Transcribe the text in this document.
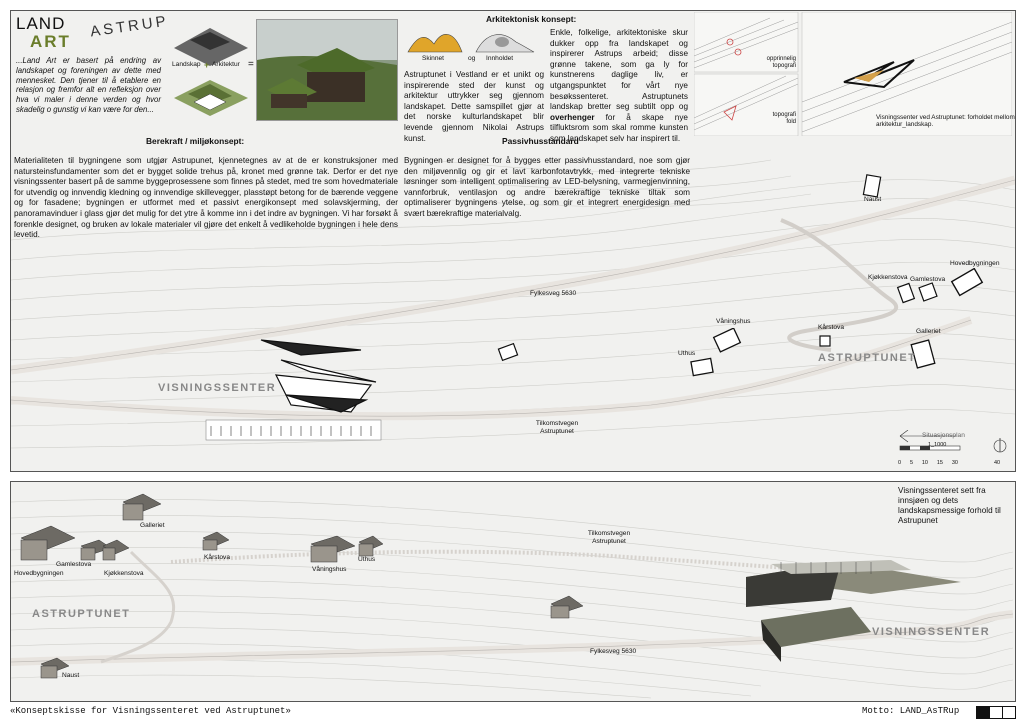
LAND
ART
ASTRUP

...Land Art er basert på endring av landskapet og foreningen av dette med mennesket. Den tjener til å etablere en relasjon og fremfor alt en refleksjon over hva vi maler i denne verden og hvor skadelig o gunstig vi kan være for den...

Landskap + Arkitektur =
Arkitektonisk konsept:
Skinnet	og Innholdet

Astruptunet i Vestland er et unikt og inspirerende sted der kunst og arkitektur uttrykker seg gjennom landskapet. Dette samspillet gjør at det norske kulturlandskapet blir levende gjennom Nikolai Astrups kunst.

Enkle, folkelige, arkitektoniske skur dukker opp fra landskapet og inspirerer Astrups arbeid; disse grønne takene, som ga ly for kunstnerens daglige liv, er utgangspunktet for vårt nye besøkssenteret. Astruptunets landskap bretter seg subtilt opp og overhenger for å skape nye tilfluktsrom som skal romme kunsten som landskapet selv har inspirert til.

opprinnelig topografi
topografi fold
Visningssenter ved Astruptunet: forholdet mellom arkitektur_landskap.
Berekraft / miljøkonsept:

Materialiteten til bygningene som utgjør Astrupunet, kjennetegnes av at de er konstruksjoner med natursteinsfundamenter som det er bygget solide trehus på, kronet med grønne tak. Derfor er det nye visningssenter basert på de samme byggeprosessene som finnes på stedet, med tre som hovedmateriale for utvendig og innvendig kledning og innvendige skillevegger, plasstøpt betong for de bærende veggene og for fasadene; bygningen er utformet med et passivt energikonsept med solavskjerming, der panoramavinduer i glass gjør det mulig for det ytre å komme inn i det indre av bygningen. Vi har forsøkt å forenkle designet, og bruken av lokale materialer vil gjøre det enkelt å vedlikeholde bygningen i hele dens levetid.

Passivhusstandard

Bygningen er designet for å bygges etter passivhusstandard, noe som gjør den miljøvennlig og gir et lavt karbonfotavtrykk, med integrerte tekniske løsninger som intelligent optimalisering av LED-belysning, varmegjenvinning, vannforbruk, ventilasjon og andre bærekraftige tekniske tiltak som optimaliserer bygningens ytelse, og som gir et integrert energidesign med svært bærekraftige materialvalg.

Naust
Fylkesveg 5630
Våningshus
Uthus
Kårstova
Kjøkkenstova Gamlestova
Hovedbygningen
Galleriet
ASTRUPTUNET
VISNINGSSENTER
Tilkomstvegen Astruptunet
Situasjonsplan
1_1000
0 5 10 15 30	40
Visningssenteret sett fra innsjøen og dets landskapsmessige forhold til Astrupunet
Galleriet
Gamlestova
Hovedbygningen	Kjøkkenstova
Kårstova
Våningshus
Uthus
Tilkomstvegen Astruptunet
ASTRUPTUNET
VISNINGSSENTER
Fylkesveg 5630
Naust
«Konseptskisse for Visningssenteret ved Astruptunet»	Motto: LAND_AsTRup
